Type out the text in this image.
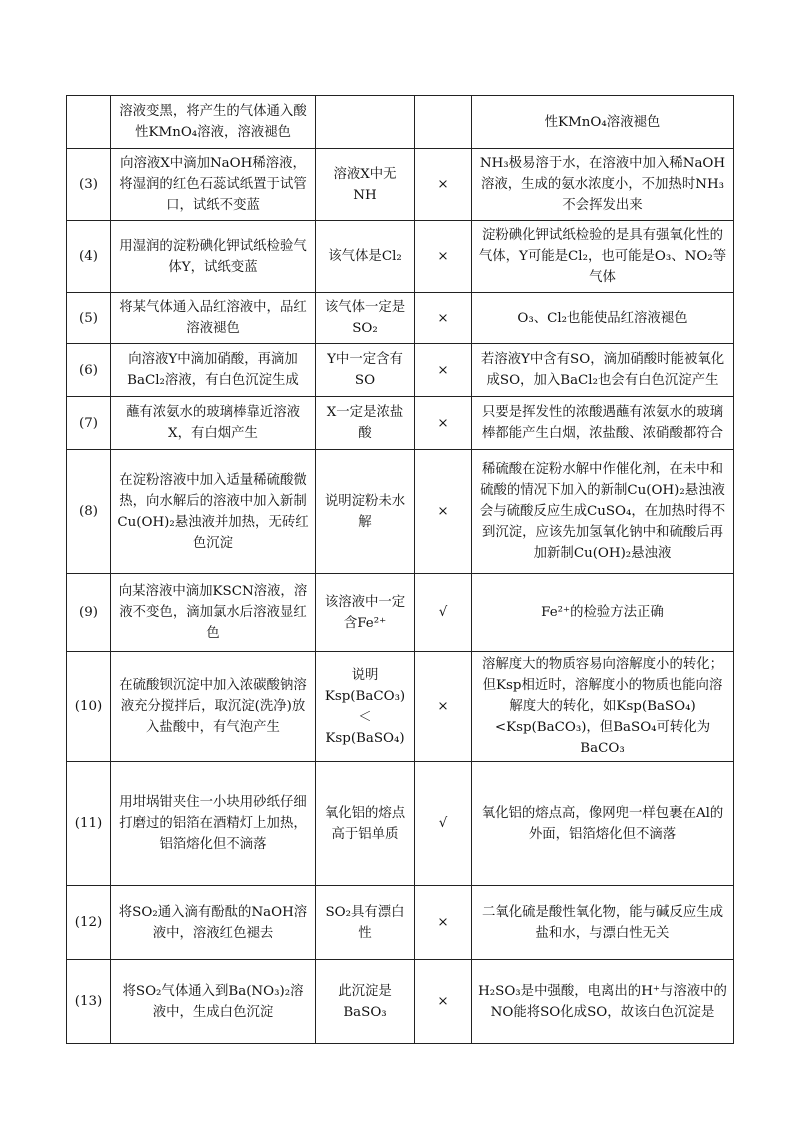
	溶液变黑，将产生的气体通入酸性KMnO₄溶液，溶液褪色			性KMnO₄溶液褪色
(3)	向溶液X中滴加NaOH稀溶液，将湿润的红色石蕊试纸置于试管口，试纸不变蓝	溶液X中无NH	×	NH₃极易溶于水，在溶液中加入稀NaOH溶液，生成的氨水浓度小，不加热时NH₃不会挥发出来
(4)	用湿润的淀粉碘化钾试纸检验气体Y，试纸变蓝	该气体是Cl₂	×	淀粉碘化钾试纸检验的是具有强氧化性的气体，Y可能是Cl₂，也可能是O₃、NO₂等气体
(5)	将某气体通入品红溶液中，品红溶液褪色	该气体一定是SO₂	×	O₃、Cl₂也能使品红溶液褪色
(6)	向溶液Y中滴加硝酸，再滴加BaCl₂溶液，有白色沉淀生成	Y中一定含有SO	×	若溶液Y中含有SO，滴加硝酸时能被氧化成SO，加入BaCl₂也会有白色沉淀产生
(7)	蘸有浓氨水的玻璃棒靠近溶液X，有白烟产生	X一定是浓盐酸	×	只要是挥发性的浓酸遇蘸有浓氨水的玻璃棒都能产生白烟，浓盐酸、浓硝酸都符合
(8)	在淀粉溶液中加入适量稀硫酸微热，向水解后的溶液中加入新制Cu(OH)₂悬浊液并加热，无砖红色沉淀	说明淀粉未水解	×	稀硫酸在淀粉水解中作催化剂，在未中和硫酸的情况下加入的新制Cu(OH)₂悬浊液会与硫酸反应生成CuSO₄，在加热时得不到沉淀，应该先加氢氧化钠中和硫酸后再加新制Cu(OH)₂悬浊液
(9)	向某溶液中滴加KSCN溶液，溶液不变色，滴加氯水后溶液显红色	该溶液中一定含Fe²⁺	√	Fe²⁺的检验方法正确
(10)	在硫酸钡沉淀中加入浓碳酸钠溶液充分搅拌后，取沉淀(洗净)放入盐酸中，有气泡产生	说明Ksp(BaCO₃)＜Ksp(BaSO₄)	×	溶解度大的物质容易向溶解度小的转化；但Ksp相近时，溶解度小的物质也能向溶解度大的转化，如Ksp(BaSO₄)<Ksp(BaCO₃)，但BaSO₄可转化为BaCO₃
(11)	用坩埚钳夹住一小块用砂纸仔细打磨过的铝箔在酒精灯上加热，铝箔熔化但不滴落	氧化铝的熔点高于铝单质	√	氧化铝的熔点高，像网兜一样包裹在Al的外面，铝箔熔化但不滴落
(12)	将SO₂通入滴有酚酞的NaOH溶液中，溶液红色褪去	SO₂具有漂白性	×	二氧化硫是酸性氧化物，能与碱反应生成盐和水，与漂白性无关
(13)	将SO₂气体通入到Ba(NO₃)₂溶液中，生成白色沉淀	此沉淀是BaSO₃	×	H₂SO₃是中强酸，电离出的H⁺与溶液中的NO能将SO化成SO，故该白色沉淀是
